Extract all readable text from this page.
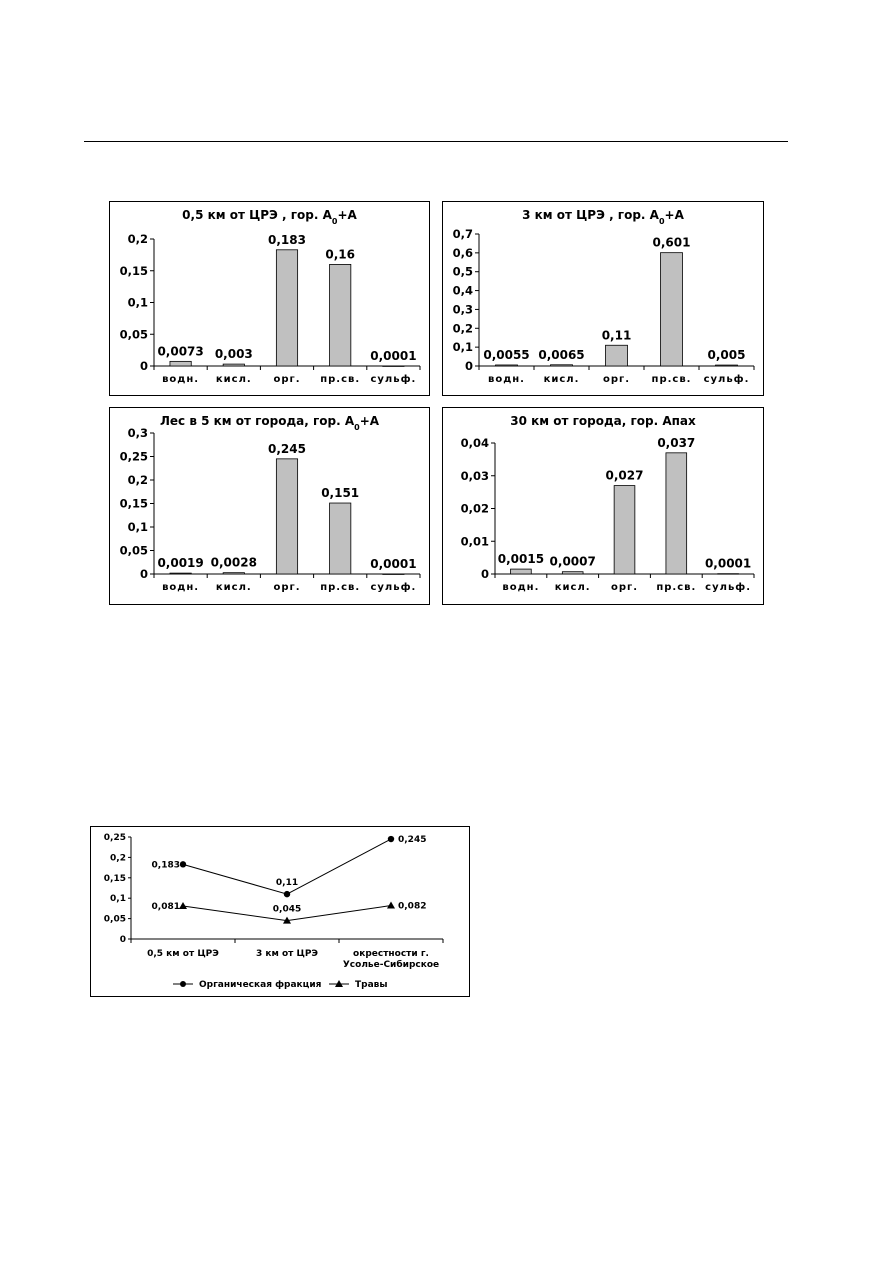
0,5 км от ЦРЭ , гор. $A_0+A$
0
0,05
0,1
0,15
0,2
0,0073
водн.
0,003
кисл.
0,183
орг.
0,16
пр.св.
0,0001
сульф.
3 км от ЦРЭ , гор. $A_0+A$
0
0,1
0,2
0,3
0,4
0,5
0,6
0,7
0,0055
водн.
0,0065
кисл.
0,11
орг.
0,601
пр.св.
0,005
сульф.
Лес в 5 км от города, гор. $A_0+A$
0
0,05
0,1
0,15
0,2
0,25
0,3
0,0019
водн.
0,0028
кисл.
0,245
орг.
0,151
пр.св.
0,0001
сульф.
30 км от города, гор. Aпах
0
0,01
0,02
0,03
0,04
0,0015
водн.
0,0007
кисл.
0,027
орг.
0,037
пр.св.
0,0001
сульф.
0
0,05
0,1
0,15
0,2
0,25
0,5 км от ЦРЭ	3 км от ЦРЭ	окрестности г.
Усолье-Сибирское
0,183
0,11
0,245
0,081	0,045	0,082
Органическая фракция	Травы
